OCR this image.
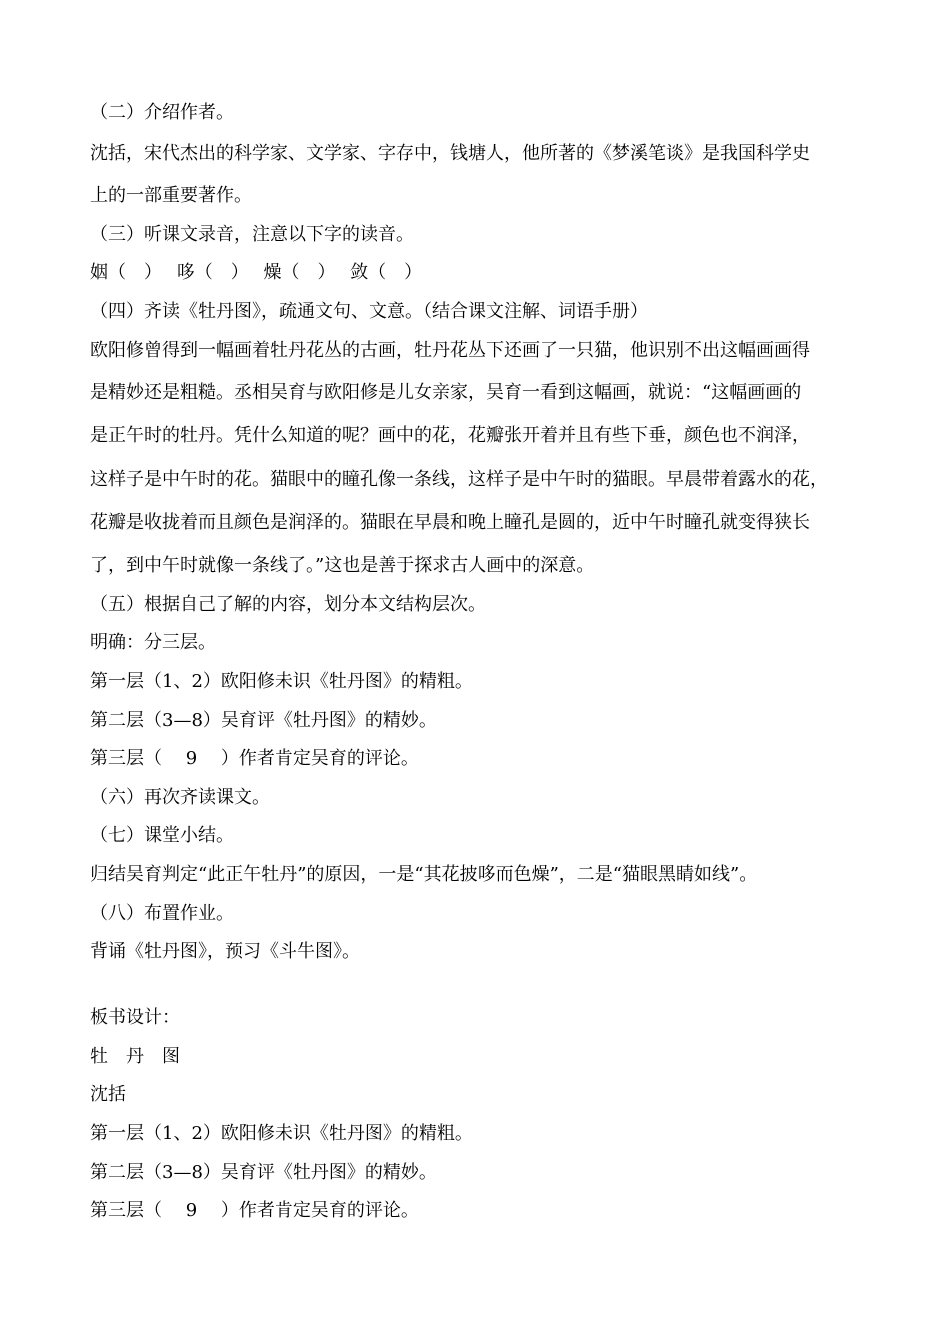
（二）介绍作者。
沈括，宋代杰出的科学家、文学家、字存中，钱塘人，他所著的《梦溪笔谈》是我国科学史
上的一部重要著作。
（三）听课文录音，注意以下字的读音。
姻（　）　 哆（　）　 燥（　）　 敛（　）
（四）齐读《牡丹图》，疏通文句、文意。（结合课文注解、词语手册）
欧阳修曾得到一幅画着牡丹花丛的古画，牡丹花丛下还画了一只猫，他识别不出这幅画画得
是精妙还是粗糙。丞相吴育与欧阳修是儿女亲家，吴育一看到这幅画，就说：“这幅画画的
是正午时的牡丹。凭什么知道的呢？画中的花，花瓣张开着并且有些下垂，颜色也不润泽，
这样子是中午时的花。猫眼中的瞳孔像一条线，这样子是中午时的猫眼。早晨带着露水的花，
花瓣是收拢着而且颜色是润泽的。猫眼在早晨和晚上瞳孔是圆的，近中午时瞳孔就变得狭长
了，到中午时就像一条线了。”这也是善于探求古人画中的深意。
（五）根据自己了解的内容，划分本文结构层次。
明确：分三层。
第一层（1、2）欧阳修未识《牡丹图》的精粗。
第二层（3—8）吴育评《牡丹图》的精妙。
第三层（　 9　 ）作者肯定吴育的评论。
（六）再次齐读课文。
（七）课堂小结。
归结吴育判定“此正午牡丹”的原因，一是“其花披哆而色燥”，二是“猫眼黑睛如线”。
（八）布置作业。
背诵《牡丹图》，预习《斗牛图》。
板书设计：
牡　丹　图
沈括
第一层（1、2）欧阳修未识《牡丹图》的精粗。
第二层（3—8）吴育评《牡丹图》的精妙。
第三层（　 9　 ）作者肯定吴育的评论。
